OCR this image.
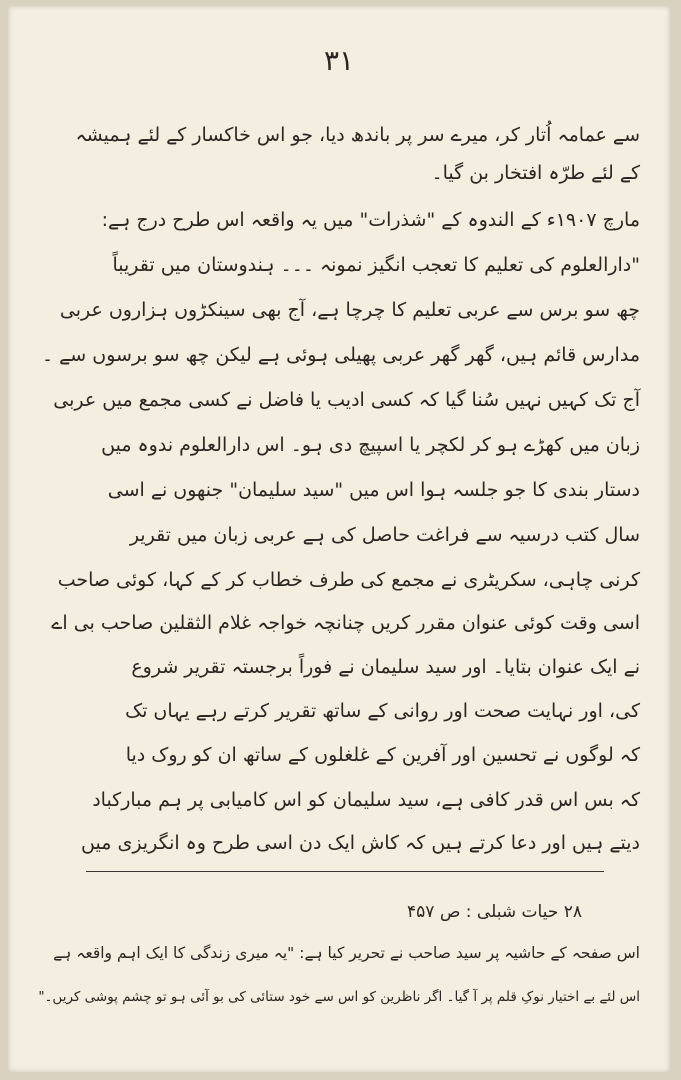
۳۱
سے عمامہ اُتار کر، میرے سر پر باندھ دیا، جو اس خاکسار کے لئے ہمیشہ
کے لئے طرّہ افتخار بن گیا۔
مارچ ۱۹۰۷ء کے الندوہ کے "شذرات" میں یہ واقعہ اس طرح درج ہے:
"دارالعلوم کی تعلیم کا تعجب انگیز نمونہ ۔۔۔ ہندوستان میں تقریباً
چھ سو برس سے عربی تعلیم کا چرچا ہے، آج بھی سینکڑوں ہزاروں عربی
مدارس قائم ہیں، گھر گھر عربی پھیلی ہوئی ہے لیکن چھ سو برسوں سے ۔
آج تک کہیں نہیں سُنا گیا کہ کسی ادیب یا فاضل نے کسی مجمع میں عربی
زبان میں کھڑے ہو کر لکچر یا اسپیچ دی ہو۔ اس دارالعلوم ندوہ میں
دستار بندی کا جو جلسہ ہوا اس میں "سید سلیمان" جنھوں نے اسی
سال کتب درسیہ سے فراغت حاصل کی ہے عربی زبان میں تقریر
کرنی چاہی، سکریٹری نے مجمع کی طرف خطاب کر کے کہا، کوئی صاحب
اسی وقت کوئی عنوان مقرر کریں چنانچہ خواجہ غلام الثقلین صاحب بی اے
نے ایک عنوان بتایا۔ اور سید سلیمان نے فوراً برجستہ تقریر شروع
کی، اور نہایت صحت اور روانی کے ساتھ تقریر کرتے رہے یہاں تک
کہ لوگوں نے تحسین اور آفرین کے غلغلوں کے ساتھ ان کو روک دیا
کہ بس اس قدر کافی ہے، سید سلیمان کو اس کامیابی پر ہم مبارکباد
دیتے ہیں اور دعا کرتے ہیں کہ کاش ایک دن اسی طرح وہ انگریزی میں
۲۸ حیات شبلی : ص ۴۵۷
اس صفحہ کے حاشیہ پر سید صاحب نے تحریر کیا ہے: "یہ میری زندگی کا ایک اہم واقعہ ہے
اس لئے بے اختیار نوکِ قلم پر آ گیا۔ اگر ناظرین کو اس سے خود ستائی کی بو آئی ہو تو چشم پوشی کریں۔"
